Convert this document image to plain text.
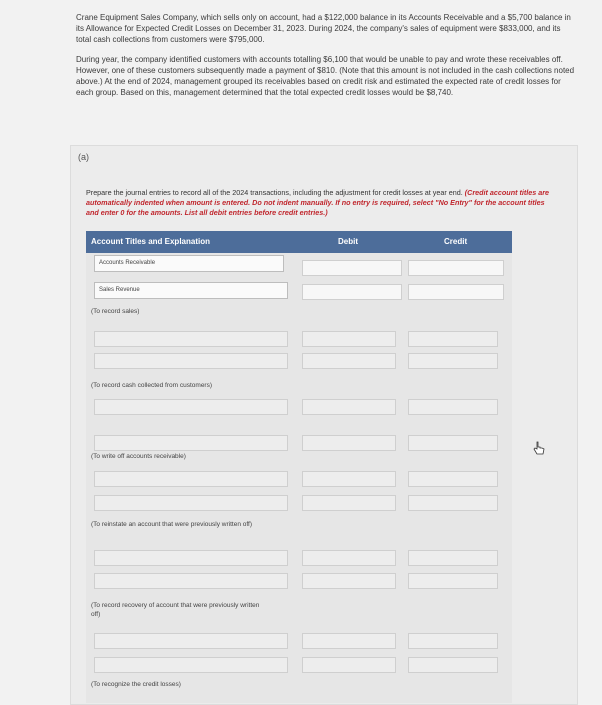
Crane Equipment Sales Company, which sells only on account, had a $122,000 balance in its Accounts Receivable and a $5,700 balance in its Allowance for Expected Credit Losses on December 31, 2023. During 2024, the company's sales of equipment were $833,000, and its total cash collections from customers were $795,000.

During year, the company identified customers with accounts totalling $6,100 that would be unable to pay and wrote these receivables off. However, one of these customers subsequently made a payment of $810. (Note that this amount is not included in the cash collections noted above.) At the end of 2024, management grouped its receivables based on credit risk and estimated the expected rate of credit losses for each group. Based on this, management determined that the total expected credit losses would be $8,740.

(a)
Prepare the journal entries to record all of the 2024 transactions, including the adjustment for credit losses at year end. (Credit account titles are automatically indented when amount is entered. Do not indent manually. If no entry is required, select "No Entry" for the account titles and enter 0 for the amounts. List all debit entries before credit entries.)
Account Titles and Explanation	Debit	Credit
Accounts Receivable
Sales Revenue
(To record sales)
(To record cash collected from customers)
(To write off accounts receivable)
(To reinstate an account that were previously written off)
(To record recovery of account that were previously written off)
(To recognize the credit losses)
